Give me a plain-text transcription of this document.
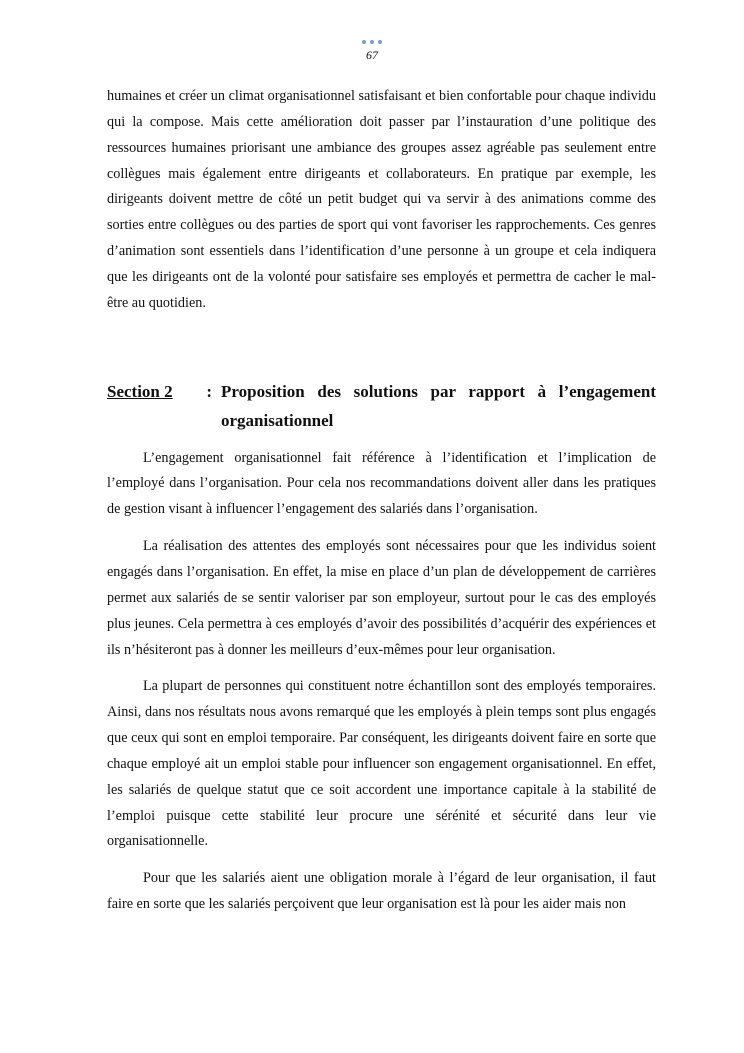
67

humaines et créer un climat organisationnel satisfaisant et bien confortable pour chaque individu qui la compose. Mais cette amélioration doit passer par l’instauration d’une politique des ressources humaines priorisant une ambiance des groupes assez agréable pas seulement entre collègues mais également entre dirigeants et collaborateurs. En pratique par exemple, les dirigeants doivent mettre de côté un petit budget qui va servir à des animations comme des sorties entre collègues ou des parties de sport qui vont favoriser les rapprochements. Ces genres d’animation sont essentiels dans l’identification d’une personne à un groupe et cela indiquera que les dirigeants ont de la volonté pour satisfaire ses employés et permettra de cacher le mal-être au quotidien.

Section 2 : Proposition des solutions par rapport à l’engagement organisationnel

L’engagement organisationnel fait référence à l’identification et l’implication de l’employé dans l’organisation. Pour cela nos recommandations doivent aller dans les pratiques de gestion visant à influencer l’engagement des salariés dans l’organisation.

La réalisation des attentes des employés sont nécessaires pour que les individus soient engagés dans l’organisation. En effet, la mise en place d’un plan de développement de carrières permet aux salariés de se sentir valoriser par son employeur, surtout pour le cas des employés plus jeunes. Cela permettra à ces employés d’avoir des possibilités d’acquérir des expériences et ils n’hésiteront pas à donner les meilleurs d’eux-mêmes pour leur organisation.

La plupart de personnes qui constituent notre échantillon sont des employés temporaires. Ainsi, dans nos résultats nous avons remarqué que les employés à plein temps sont plus engagés que ceux qui sont en emploi temporaire. Par conséquent, les dirigeants doivent faire en sorte que chaque employé ait un emploi stable pour influencer son engagement organisationnel. En effet, les salariés de quelque statut que ce soit accordent une importance capitale à la stabilité de l’emploi puisque cette stabilité leur procure une sérénité et sécurité dans leur vie organisationnelle.

Pour que les salariés aient une obligation morale à l’égard de leur organisation, il faut faire en sorte que les salariés perçoivent que leur organisation est là pour les aider mais non
